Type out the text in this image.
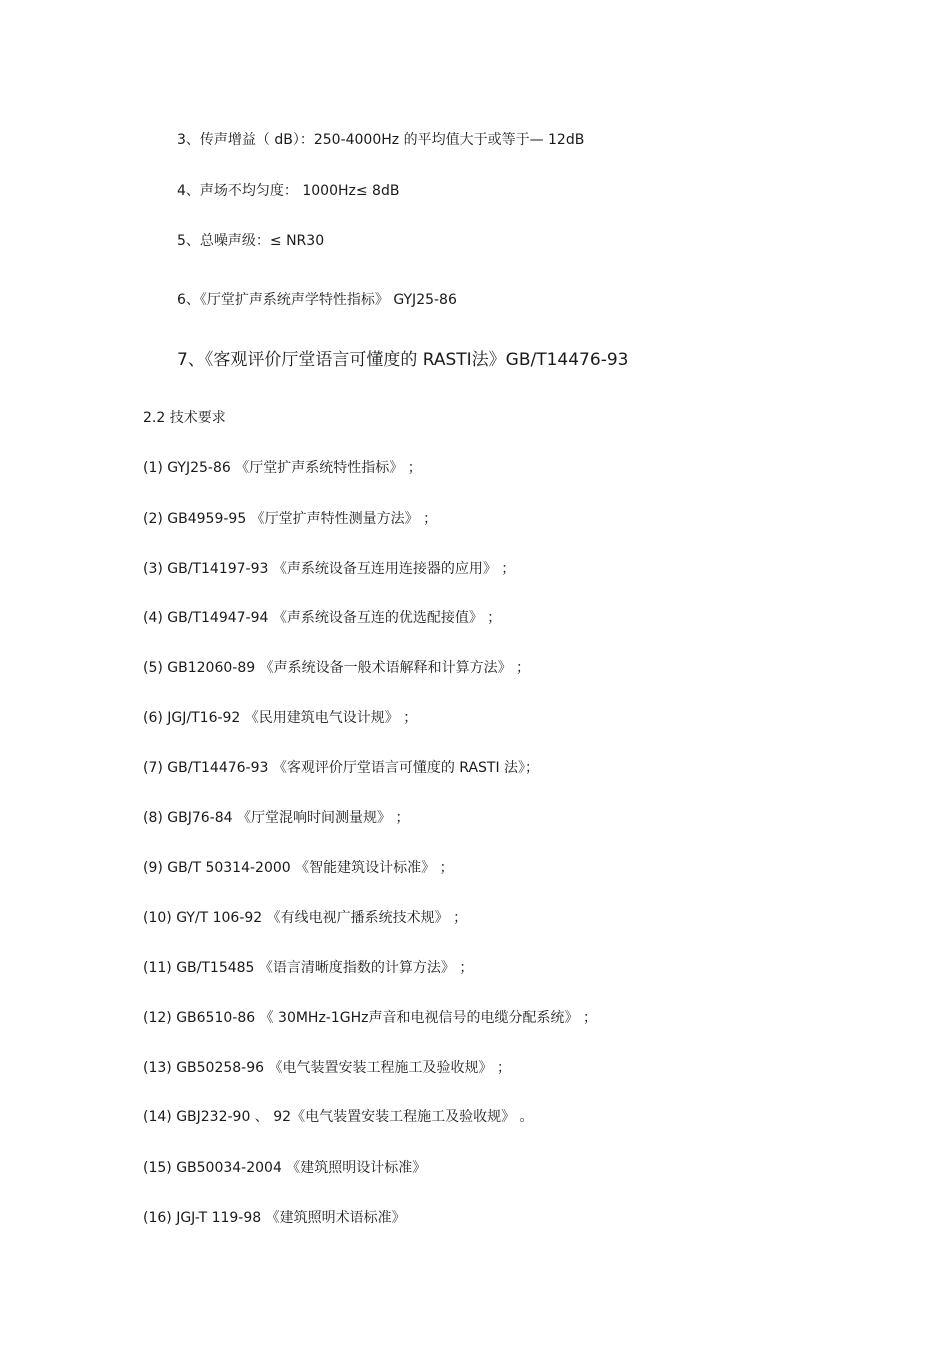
3、传声增益（ dB）：250-4000Hz 的平均值大于或等于— 12dB
4、声场不均匀度： 1000Hz≤ 8dB
5、总噪声级：≤ NR30
6、《厅堂扩声系统声学特性指标》 GYJ25-86
7、《客观评价厅堂语言可懂度的 RASTI法》GB/T14476-93
2.2 技术要求
(1) GYJ25-86 《厅堂扩声系统特性指标》 ；
(2) GB4959-95 《厅堂扩声特性测量方法》 ；
(3) GB/T14197-93 《声系统设备互连用连接器的应用》 ；
(4) GB/T14947-94 《声系统设备互连的优选配接值》 ；
(5) GB12060-89 《声系统设备一般术语解释和计算方法》 ；
(6) JGJ/T16-92 《民用建筑电气设计规》 ；
(7) GB/T14476-93 《客观评价厅堂语言可懂度的 RASTI 法》；
(8) GBJ76-84 《厅堂混响时间测量规》 ；
(9) GB/T 50314-2000 《智能建筑设计标准》 ；
(10) GY/T 106-92 《有线电视广播系统技术规》 ；
(11) GB/T15485 《语言清晰度指数的计算方法》 ；
(12) GB6510-86 《 30MHz-1GHz声音和电视信号的电缆分配系统》 ；
(13) GB50258-96 《电气装置安装工程施工及验收规》 ；
(14) GBJ232-90 、 92《电气装置安装工程施工及验收规》 。
(15) GB50034-2004 《建筑照明设计标准》
(16) JGJ-T 119-98 《建筑照明术语标准》
